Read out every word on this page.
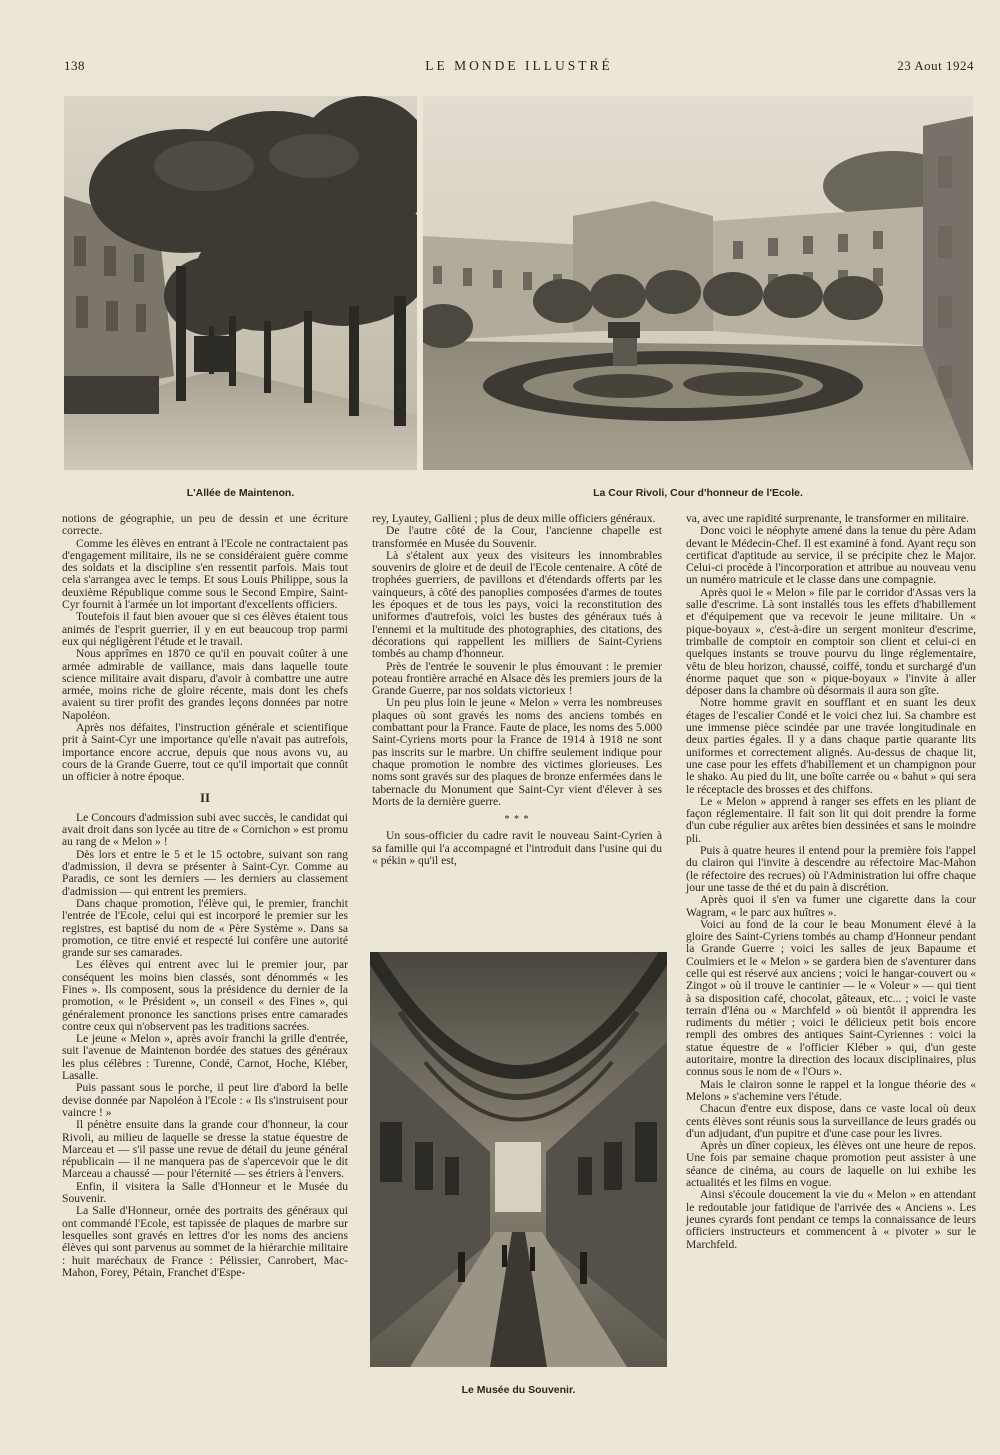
138	LE MONDE ILLUSTRÉ	23 Aout 1924
L'Allée de Maintenon.	La Cour Rivoli, Cour d'honneur de l'Ecole.

notions de géographie, un peu de dessin et une écriture correcte.

Comme les élèves en entrant à l'Ecole ne contractaient pas d'engagement militaire, ils ne se considéraient guère comme des soldats et la discipline s'en ressentit parfois. Mais tout cela s'arrangea avec le temps. Et sous Louis Philippe, sous la deuxième République comme sous le Second Empire, Saint-Cyr fournit à l'armée un lot important d'excellents officiers.

Toutefois il faut bien avouer que si ces élèves étaient tous animés de l'esprit guerrier, il y en eut beaucoup trop parmi eux qui négligèrent l'étude et le travail.

Nous apprîmes en 1870 ce qu'il en pouvait coûter à une armée admirable de vaillance, mais dans laquelle toute science militaire avait disparu, d'avoir à combattre une autre armée, moins riche de gloire récente, mais dont les chefs avaient su tirer profit des grandes leçons données par notre Napoléon.

Après nos défaites, l'instruction générale et scientifique prit à Saint-Cyr une importance qu'elle n'avait pas autrefois, importance encore accrue, depuis que nous avons vu, au cours de la Grande Guerre, tout ce qu'il importait que connût un officier à notre époque.

II

Le Concours d'admission subi avec succès, le candidat qui avait droit dans son lycée au titre de « Cornichon » est promu au rang de « Melon » !

Dès lors et entre le 5 et le 15 octobre, suivant son rang d'admission, il devra se présenter à Saint-Cyr. Comme au Paradis, ce sont les derniers — les derniers au classement d'admission — qui entrent les premiers.

Dans chaque promotion, l'élève qui, le premier, franchit l'entrée de l'Ecole, celui qui est incorporé le premier sur les registres, est baptisé du nom de « Père Système ». Dans sa promotion, ce titre envié et respecté lui confère une autorité grande sur ses camarades.

Les élèves qui entrent avec lui le premier jour, par conséquent les moins bien classés, sont dénommés « les Fines ». Ils composent, sous la présidence du dernier de la promotion, « le Président », un conseil « des Fines », qui généralement prononce les sanctions prises entre camarades contre ceux qui n'observent pas les traditions sacrées.

Le jeune « Melon », après avoir franchi la grille d'entrée, suit l'avenue de Maintenon bordée des statues des généraux les plus célèbres : Turenne, Condé, Carnot, Hoche, Kléber, Lasalle.

Puis passant sous le porche, il peut lire d'abord la belle devise donnée par Napoléon à l'Ecole : « Ils s'instruisent pour vaincre ! »

Il pénètre ensuite dans la grande cour d'honneur, la cour Rivoli, au milieu de laquelle se dresse la statue équestre de Marceau et — s'il passe une revue de détail du jeune général républicain — il ne manquera pas de s'apercevoir que le dit Marceau a chaussé — pour l'éternité — ses étriers à l'envers.

Enfin, il visitera la Salle d'Honneur et le Musée du Souvenir.

La Salle d'Honneur, ornée des portraits des généraux qui ont commandé l'Ecole, est tapissée de plaques de marbre sur lesquelles sont gravés en lettres d'or les noms des anciens élèves qui sont parvenus au sommet de la hiérarchie militaire : huit maréchaux de France : Pélissier, Canrobert, Mac-Mahon, Forey, Pétain, Franchet d'Espe-

rey, Lyautey, Gallieni ; plus de deux mille officiers généraux.

De l'autre côté de la Cour, l'ancienne chapelle est transformée en Musée du Souvenir.

Là s'étalent aux yeux des visiteurs les innombrables souvenirs de gloire et de deuil de l'Ecole centenaire. A côté de trophées guerriers, de pavillons et d'étendards offerts par les vainqueurs, à côté des panoplies composées d'armes de toutes les époques et de tous les pays, voici la reconstitution des uniformes d'autrefois, voici les bustes des généraux tués à l'ennemi et la multitude des photographies, des citations, des décorations qui rappellent les milliers de Saint-Cyriens tombés au champ d'honneur.

Près de l'entrée le souvenir le plus émouvant : le premier poteau frontière arraché en Alsace dès les premiers jours de la Grande Guerre, par nos soldats victorieux !

Un peu plus loin le jeune « Melon » verra les nombreuses plaques où sont gravés les noms des anciens tombés en combattant pour la France. Faute de place, les noms des 5.000 Saint-Cyriens morts pour la France de 1914 à 1918 ne sont pas inscrits sur le marbre. Un chiffre seulement indique pour chaque promotion le nombre des victimes glorieuses. Les noms sont gravés sur des plaques de bronze enfermées dans le tabernacle du Monument que Saint-Cyr vient d'élever à ses Morts de la dernière guerre.

* * *

Un sous-officier du cadre ravit le nouveau Saint-Cyrien à sa famille qui l'a accompagné et l'introduit dans l'usine qui du « pékin » qu'il est,

Le Musée du Souvenir.

va, avec une rapidité surprenante, le transformer en militaire.

Donc voici le néophyte amené dans la tenue du père Adam devant le Médecin-Chef. Il est examiné à fond. Ayant reçu son certificat d'aptitude au service, il se précipite chez le Major. Celui-ci procède à l'incorporation et attribue au nouveau venu un numéro matricule et le classe dans une compagnie.

Après quoi le « Melon » file par le corridor d'Assas vers la salle d'escrime. Là sont installés tous les effets d'habillement et d'équipement que va recevoir le jeune militaire. Un « pique-boyaux », c'est-à-dire un sergent moniteur d'escrime, trimballe de comptoir en comptoir son client et celui-ci en quelques instants se trouve pourvu du linge réglementaire, vêtu de bleu horizon, chaussé, coiffé, tondu et surchargé d'un énorme paquet que son « pique-boyaux » l'invite à aller déposer dans la chambre où désormais il aura son gîte.

Notre homme gravit en soufflant et en suant les deux étages de l'escalier Condé et le voici chez lui. Sa chambre est une immense pièce scindée par une travée longitudinale en deux parties égales. Il y a dans chaque partie quarante lits uniformes et correctement alignés. Au-dessus de chaque lit, une case pour les effets d'habillement et un champignon pour le shako. Au pied du lit, une boîte carrée ou « bahut » qui sera le réceptacle des brosses et des chiffons.

Le « Melon » apprend à ranger ses effets en les pliant de façon réglementaire. Il fait son lit qui doit prendre la forme d'un cube régulier aux arêtes bien dessinées et sans le moindre pli.

Puis à quatre heures il entend pour la première fois l'appel du clairon qui l'invite à descendre au réfectoire Mac-Mahon (le réfectoire des recrues) où l'Administration lui offre chaque jour une tasse de thé et du pain à discrétion.

Après quoi il s'en va fumer une cigarette dans la cour Wagram, « le parc aux huîtres ».

Voici au fond de la cour le beau Monument élevé à la gloire des Saint-Cyriens tombés au champ d'Honneur pendant la Grande Guerre ; voici les salles de jeux Bapaume et Coulmiers et le « Melon » se gardera bien de s'aventurer dans celle qui est réservé aux anciens ; voici le hangar-couvert ou « Zingot » où il trouve le cantinier — le « Voleur » — qui tient à sa disposition café, chocolat, gâteaux, etc... ; voici le vaste terrain d'Iéna ou « Marchfeld » où bientôt il apprendra les rudiments du métier ; voici le délicieux petit bois encore rempli des ombres des antiques Saint-Cyriennes : voici la statue équestre de « l'officier Kléber » qui, d'un geste autoritaire, montre la direction des locaux disciplinaires, plus connus sous le nom de « l'Ours ».

Mais le clairon sonne le rappel et la longue théorie des « Melons » s'achemine vers l'étude.

Chacun d'entre eux dispose, dans ce vaste local où deux cents élèves sont réunis sous la surveillance de leurs gradés ou d'un adjudant, d'un pupitre et d'une case pour les livres.

Après un dîner copieux, les élèves ont une heure de repos. Une fois par semaine chaque promotion peut assister à une séance de cinéma, au cours de laquelle on lui exhibe les actualités et les films en vogue.

Ainsi s'écoule doucement la vie du « Melon » en attendant le redoutable jour fatidique de l'arrivée des « Anciens ». Les jeunes cyrards font pendant ce temps la connaissance de leurs officiers instructeurs et commencent à « pivoter » sur le Marchfeld.
